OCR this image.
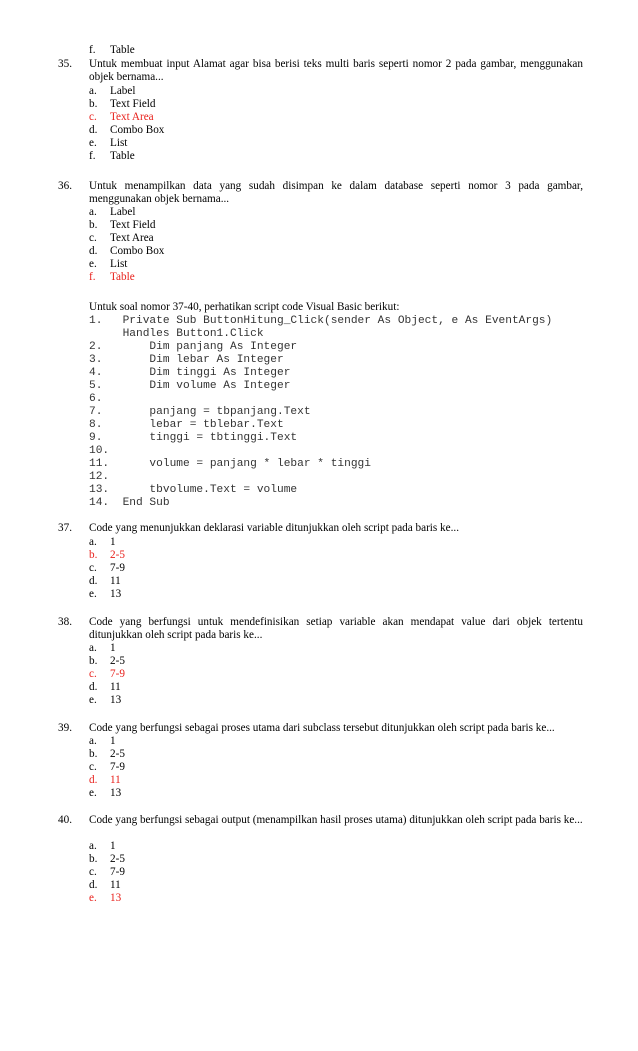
f. Table
35. Untuk membuat input Alamat agar bisa berisi teks multi baris seperti nomor 2 pada gambar, menggunakan objek bernama...
a. Label
b. Text Field
c. Text Area
d. Combo Box
e. List
f. Table
36. Untuk menampilkan data yang sudah disimpan ke dalam database seperti nomor 3 pada gambar, menggunakan objek bernama...
a. Label
b. Text Field
c. Text Area
d. Combo Box
e. List
f. Table
Untuk soal nomor 37-40, perhatikan script code Visual Basic berikut:
1.   Private Sub ButtonHitung_Click(sender As Object, e As EventArgs)
Handles Button1.Click
2.       Dim panjang As Integer
3.       Dim lebar As Integer
4.       Dim tinggi As Integer
5.       Dim volume As Integer
6.
7.       panjang = tbpanjang.Text
8.       lebar = tblebar.Text
9.       tinggi = tbtinggi.Text
10.
11.      volume = panjang * lebar * tinggi
12.
13.      tbvolume.Text = volume
14.  End Sub
37. Code yang menunjukkan deklarasi variable ditunjukkan oleh script pada baris ke...
a. 1
b. 2-5
c. 7-9
d. 11
e. 13
38. Code yang berfungsi untuk mendefinisikan setiap variable akan mendapat value dari objek tertentu ditunjukkan oleh script pada baris ke...
a. 1
b. 2-5
c. 7-9
d. 11
e. 13
39. Code yang berfungsi sebagai proses utama dari subclass tersebut ditunjukkan oleh script pada baris ke...
a. 1
b. 2-5
c. 7-9
d. 11
e. 13
40. Code yang berfungsi sebagai output (menampilkan hasil proses utama) ditunjukkan oleh script pada baris ke...
a. 1
b. 2-5
c. 7-9
d. 11
e. 13
